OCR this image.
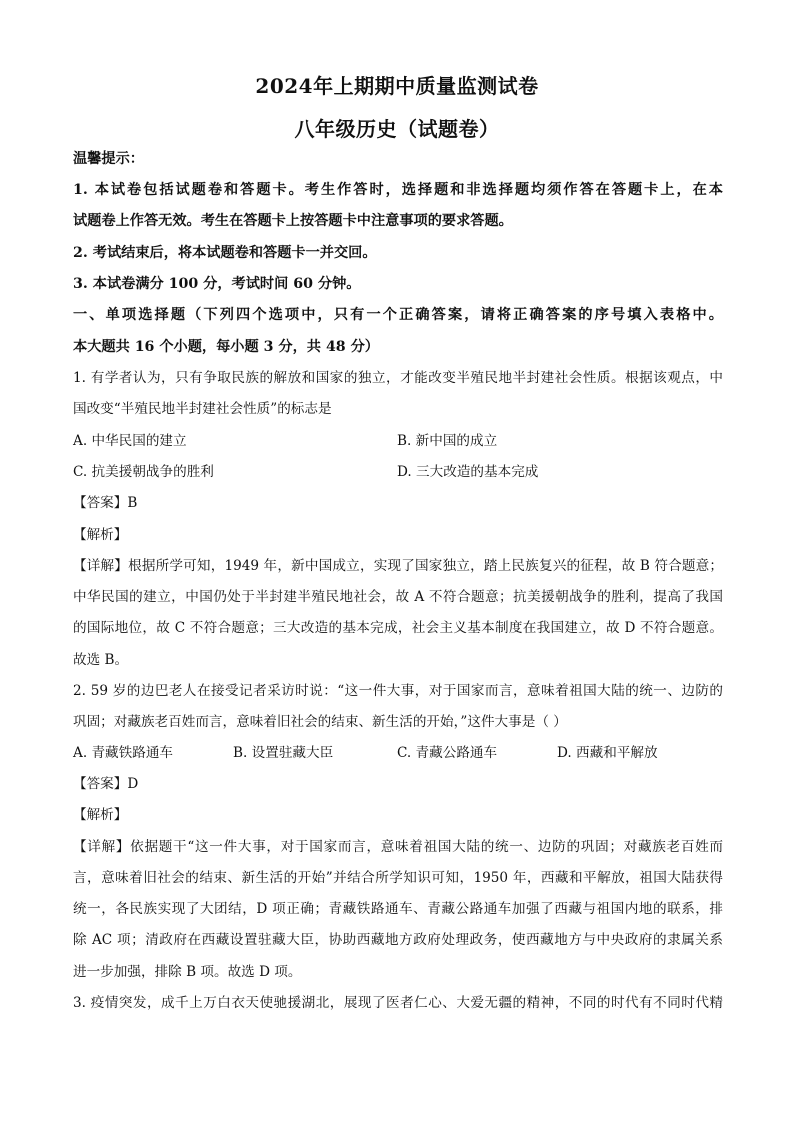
2024年上期期中质量监测试卷
八年级历史（试题卷）
温馨提示：
1. 本试卷包括试题卷和答题卡。考生作答时，选择题和非选择题均须作答在答题卡上，在本
试题卷上作答无效。考生在答题卡上按答题卡中注意事项的要求答题。
2. 考试结束后，将本试题卷和答题卡一并交回。
3. 本试卷满分 100 分，考试时间 60 分钟。
一、单项选择题（下列四个选项中，只有一个正确答案，请将正确答案的序号填入表格中。
本大题共 16 个小题，每小题 3 分，共 48 分）
1. 有学者认为，只有争取民族的解放和国家的独立，才能改变半殖民地半封建社会性质。根据该观点，中
国改变“半殖民地半封建社会性质”的标志是
A. 中华民国的建立	B. 新中国的成立
C. 抗美援朝战争的胜利	D. 三大改造的基本完成
【答案】B
【解析】
【详解】根据所学可知，1949 年，新中国成立，实现了国家独立，踏上民族复兴的征程，故 B 符合题意；
中华民国的建立，中国仍处于半封建半殖民地社会，故 A 不符合题意；抗美援朝战争的胜利，提高了我国
的国际地位，故 C 不符合题意；三大改造的基本完成，社会主义基本制度在我国建立，故 D 不符合题意。
故选 B。
2. 59 岁的边巴老人在接受记者采访时说：“这一件大事，对于国家而言，意味着祖国大陆的统一、边防的
巩固；对藏族老百姓而言，意味着旧社会的结束、新生活的开始，”这件大事是（ ）
A. 青藏铁路通车	B. 设置驻藏大臣	C. 青藏公路通车	D. 西藏和平解放
【答案】D
【解析】
【详解】依据题干“这一件大事，对于国家而言，意味着祖国大陆的统一、边防的巩固；对藏族老百姓而
言，意味着旧社会的结束、新生活的开始”并结合所学知识可知，1950 年，西藏和平解放，祖国大陆获得
统一，各民族实现了大团结，D 项正确；青藏铁路通车、青藏公路通车加强了西藏与祖国内地的联系，排
除 AC 项；清政府在西藏设置驻藏大臣，协助西藏地方政府处理政务，使西藏地方与中央政府的隶属关系
进一步加强，排除 B 项。故选 D 项。
3. 疫情突发，成千上万白衣天使驰援湖北，展现了医者仁心、大爱无疆的精神，不同的时代有不同时代精
